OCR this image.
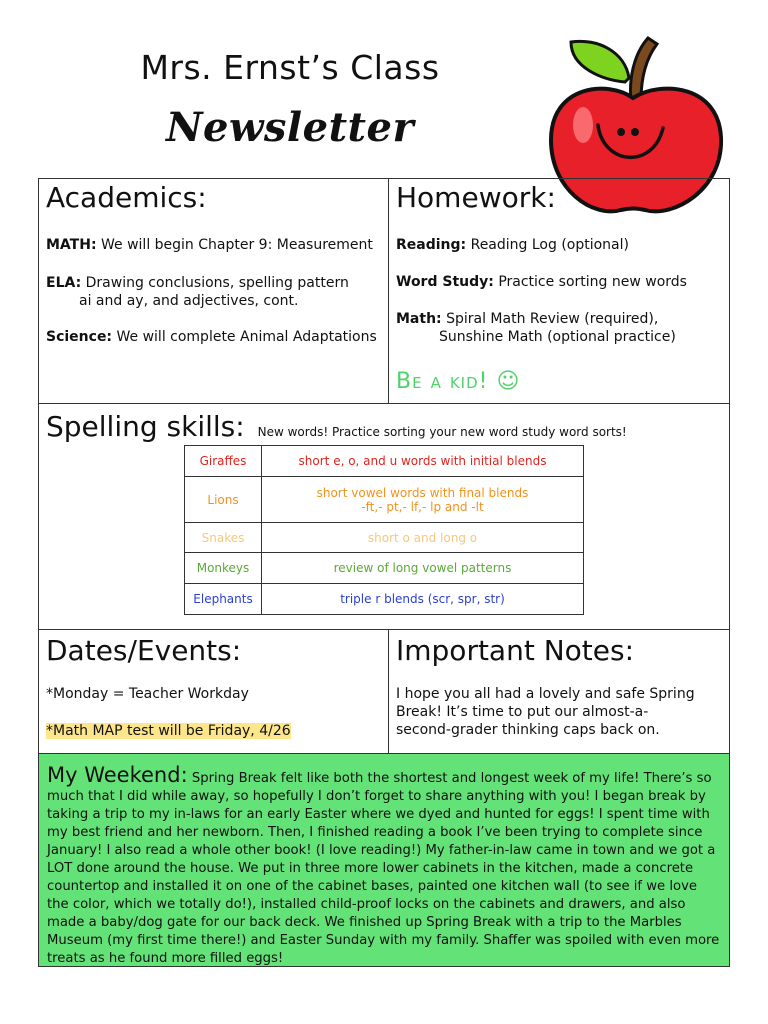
Mrs. Ernst’s Class
Newsletter
Academics:
MATH: We will begin Chapter 9: Measurement
ELA: Drawing conclusions, spelling pattern
ai and ay, and adjectives, cont.
Science: We will complete Animal Adaptations
Homework:
Reading: Reading Log (optional)
Word Study: Practice sorting new words
Math: Spiral Math Review (required),
Sunshine Math (optional practice)
Be a kid! ☺
Spelling skills: New words! Practice sorting your new word study word sorts!
Giraffes	short e, o, and u words with initial blends
Lions	short vowel words with final blends
-ft,- pt,- lf,- lp and -lt

Snakes	short o and long o
Monkeys	review of long vowel patterns
Elephants	triple r blends (scr, spr, str)
Dates/Events:
*Monday = Teacher Workday
*Math MAP test will be Friday, 4/26
Important Notes:
I hope you all had a lovely and safe Spring
Break! It’s time to put our almost-a-
second-grader thinking caps back on.
My Weekend: Spring Break felt like both the shortest and longest week of my life! There’s so much that I did while away, so hopefully I don’t forget to share anything with you! I began break by taking a trip to my in-laws for an early Easter where we dyed and hunted for eggs! I spent time with my best friend and her newborn. Then, I finished reading a book I’ve been trying to complete since January! I also read a whole other book! (I love reading!) My father-in-law came in town and we got a LOT done around the house. We put in three more lower cabinets in the kitchen, made a concrete countertop and installed it on one of the cabinet bases, painted one kitchen wall (to see if we love the color, which we totally do!), installed child-proof locks on the cabinets and drawers, and also made a baby/dog gate for our back deck. We finished up Spring Break with a trip to the Marbles Museum (my first time there!) and Easter Sunday with my family. Shaffer was spoiled with even more treats as he found more filled eggs!
